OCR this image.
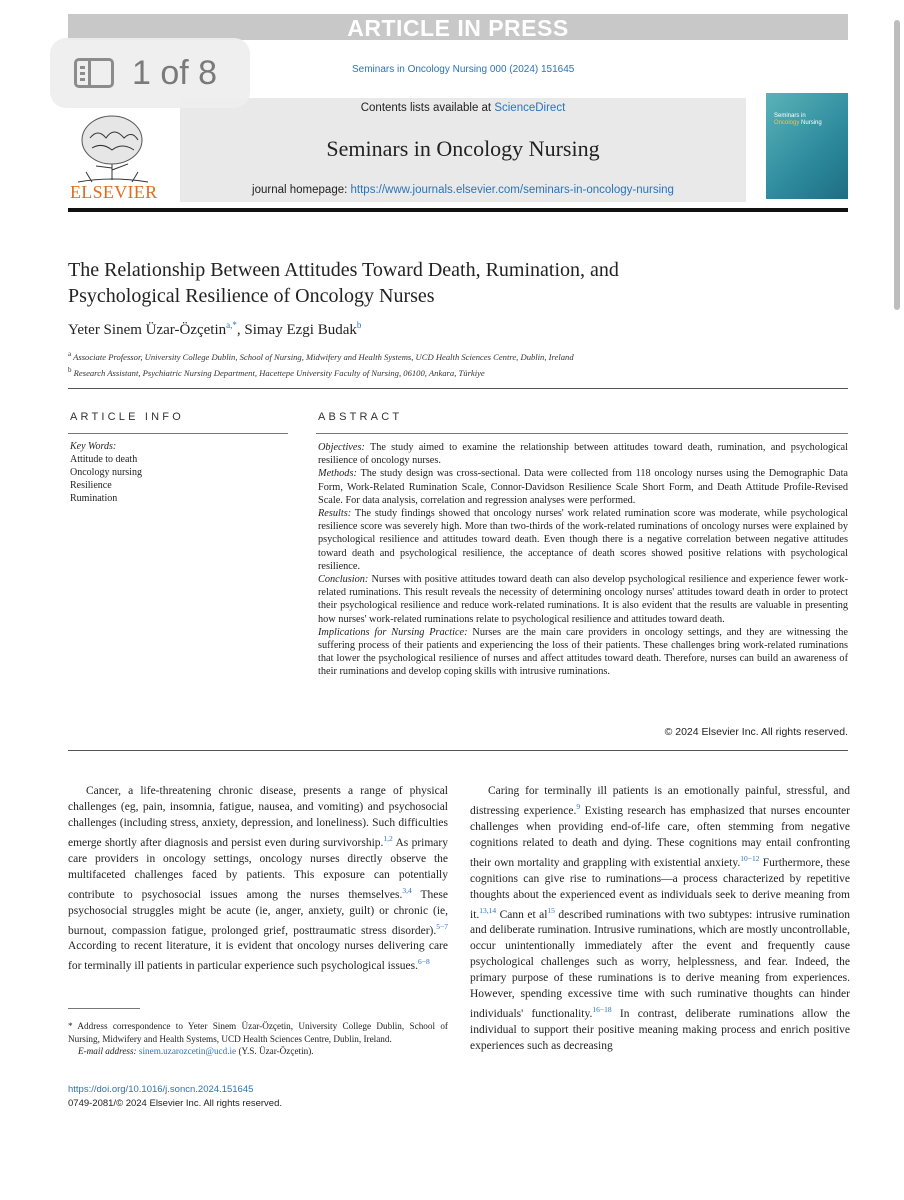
ARTICLE IN PRESS
1 of 8	Seminars in Oncology Nursing 000 (2024) 151645
ELSEVIER
Contents lists available at ScienceDirect
Seminars in Oncology Nursing
journal homepage: https://www.journals.elsevier.com/seminars-in-oncology-nursing
Seminars in
Oncology Nursing
The Relationship Between Attitudes Toward Death, Rumination, and
Psychological Resilience of Oncology Nurses
Yeter Sinem Üzar-Özçetin$^{a,*}$, Simay Ezgi Budak$^b$
$^a$ Associate Professor, University College Dublin, School of Nursing, Midwifery and Health Systems, UCD Health Sciences Centre, Dublin, Ireland
$^b$ Research Assistant, Psychiatric Nursing Department, Hacettepe University Faculty of Nursing, 06100, Ankara, Türkiye
ARTICLE INFO
Key Words:
Attitude to death
Oncology nursing
Resilience
Rumination
ABSTRACT

Objectives: The study aimed to examine the relationship between attitudes toward death, rumination, and psychological resilience of oncology nurses.

Methods: The study design was cross-sectional. Data were collected from 118 oncology nurses using the Demographic Data Form, Work-Related Rumination Scale, Connor-Davidson Resilience Scale Short Form, and Death Attitude Profile-Revised Scale. For data analysis, correlation and regression analyses were performed.

Results: The study findings showed that oncology nurses' work related rumination score was moderate, while psychological resilience score was severely high. More than two-thirds of the work-related ruminations of oncology nurses were explained by psychological resilience and attitudes toward death. Even though there is a negative correlation between negative attitudes toward death and psychological resilience, the acceptance of death scores showed positive relations with psychological resilience.

Conclusion: Nurses with positive attitudes toward death can also develop psychological resilience and experience fewer work-related ruminations. This result reveals the necessity of determining oncology nurses' attitudes toward death in order to protect their psychological resilience and reduce work-related ruminations. It is also evident that the results are valuable in presenting how nurses' work-related ruminations relate to psychological resilience and attitudes toward death.

Implications for Nursing Practice: Nurses are the main care providers in oncology settings, and they are witnessing the suffering process of their patients and experiencing the loss of their patients. These challenges bring work-related ruminations that lower the psychological resilience of nurses and affect attitudes toward death. Therefore, nurses can build an awareness of their ruminations and develop coping skills with intrusive ruminations.

© 2024 Elsevier Inc. All rights reserved.

Cancer, a life-threatening chronic disease, presents a range of physical challenges (eg, pain, insomnia, fatigue, nausea, and vomiting) and psychosocial challenges (including stress, anxiety, depression, and loneliness). Such difficulties emerge shortly after diagnosis and persist even during survivorship.$^{1,2}$ As primary care providers in oncology settings, oncology nurses directly observe the multifaceted challenges faced by patients. This exposure can potentially contribute to psychosocial issues among the nurses themselves.$^{3,4}$ These psychosocial struggles might be acute (ie, anger, anxiety, guilt) or chronic (ie, burnout, compassion fatigue, prolonged grief, posttraumatic stress disorder).$^{5-7}$ According to recent literature, it is evident that oncology nurses delivering care for terminally ill patients in particular experience such psychological issues.$^{6-8}$

Caring for terminally ill patients is an emotionally painful, stressful, and distressing experience.$^9$ Existing research has emphasized that nurses encounter challenges when providing end-of-life care, often stemming from negative cognitions related to death and dying. These cognitions may entail confronting their own mortality and grappling with existential anxiety.$^{10-12}$ Furthermore, these cognitions can give rise to ruminations—a process characterized by repetitive thoughts about the experienced event as individuals seek to derive meaning from it.$^{13,14}$ Cann et $al^{15}$ described ruminations with two subtypes: intrusive rumination and deliberate rumination. Intrusive ruminations, which are mostly uncontrollable, occur unintentionally immediately after the event and frequently cause psychological challenges such as worry, helplessness, and fear. Indeed, the primary purpose of these ruminations is to derive meaning from experiences. However, spending excessive time with such ruminative thoughts can hinder individuals' functionality.$^{16-18}$ In contrast, deliberate ruminations allow the individual to support their positive meaning making process and enrich positive experiences such as decreasing

* Address correspondence to Yeter Sinem Üzar-Özçetin, University College Dublin, School of Nursing, Midwifery and Health Systems, UCD Health Sciences Centre, Dublin, Ireland.
E-mail address: sinem.uzarozcetin@ucd.ie (Y.S. Üzar-Özçetin).
https://doi.org/10.1016/j.soncn.2024.151645
0749-2081/© 2024 Elsevier Inc. All rights reserved.
